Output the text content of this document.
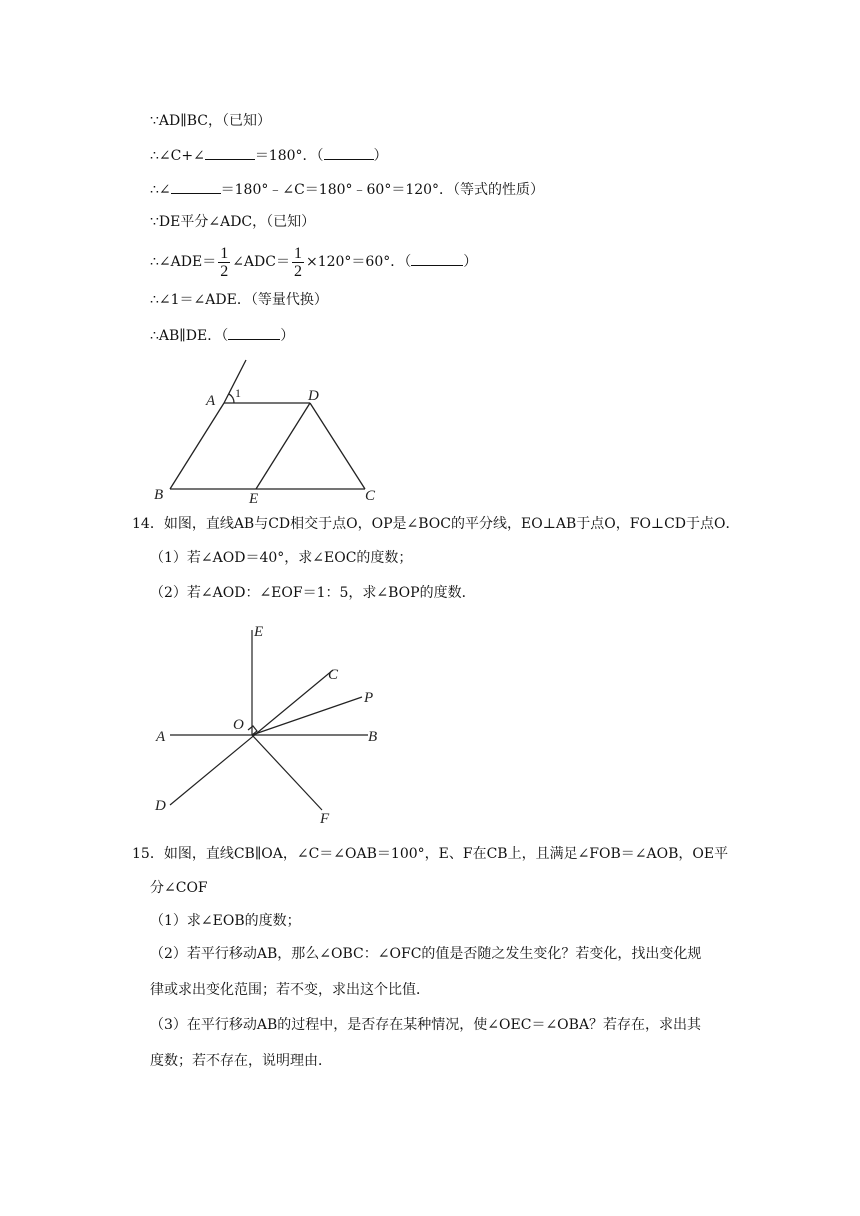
∵AD∥BC，（已知）
∴∠C+∠	＝180°．（	）
∴∠	＝180°﹣∠C＝180°﹣60°＝120°．（等式的性质）
∵DE平分∠ADC，（已知）
∴∠ADE＝ $\frac{1}{2}$ ∠ADC＝ $\frac{1}{2} \times 120^\circ=60^\circ$．（	）
∴∠1＝∠ADE．（等量代换）
∴AB∥DE．（	）
A	D
B	E	C
1
14．如图，直线AB与CD相交于点O，OP是∠BOC的平分线，EO⊥AB于点O，FO⊥CD于点O．
（1）若∠AOD＝40°，求∠EOC的度数；
（2）若∠AOD：∠EOF＝1：5，求∠BOP的度数．
E
C
P
O
A	B
D
F
15．如图，直线CB∥OA，∠C＝∠OAB＝100°，E、F在CB上，且满足∠FOB＝∠AOB，OE平
分∠COF
（1）求∠EOB的度数；
（2）若平行移动AB，那么∠OBC：∠OFC的值是否随之发生变化？若变化，找出变化规
律或求出变化范围；若不变，求出这个比值．
（3）在平行移动AB的过程中，是否存在某种情况，使∠OEC＝∠OBA？若存在，求出其
度数；若不存在，说明理由．
